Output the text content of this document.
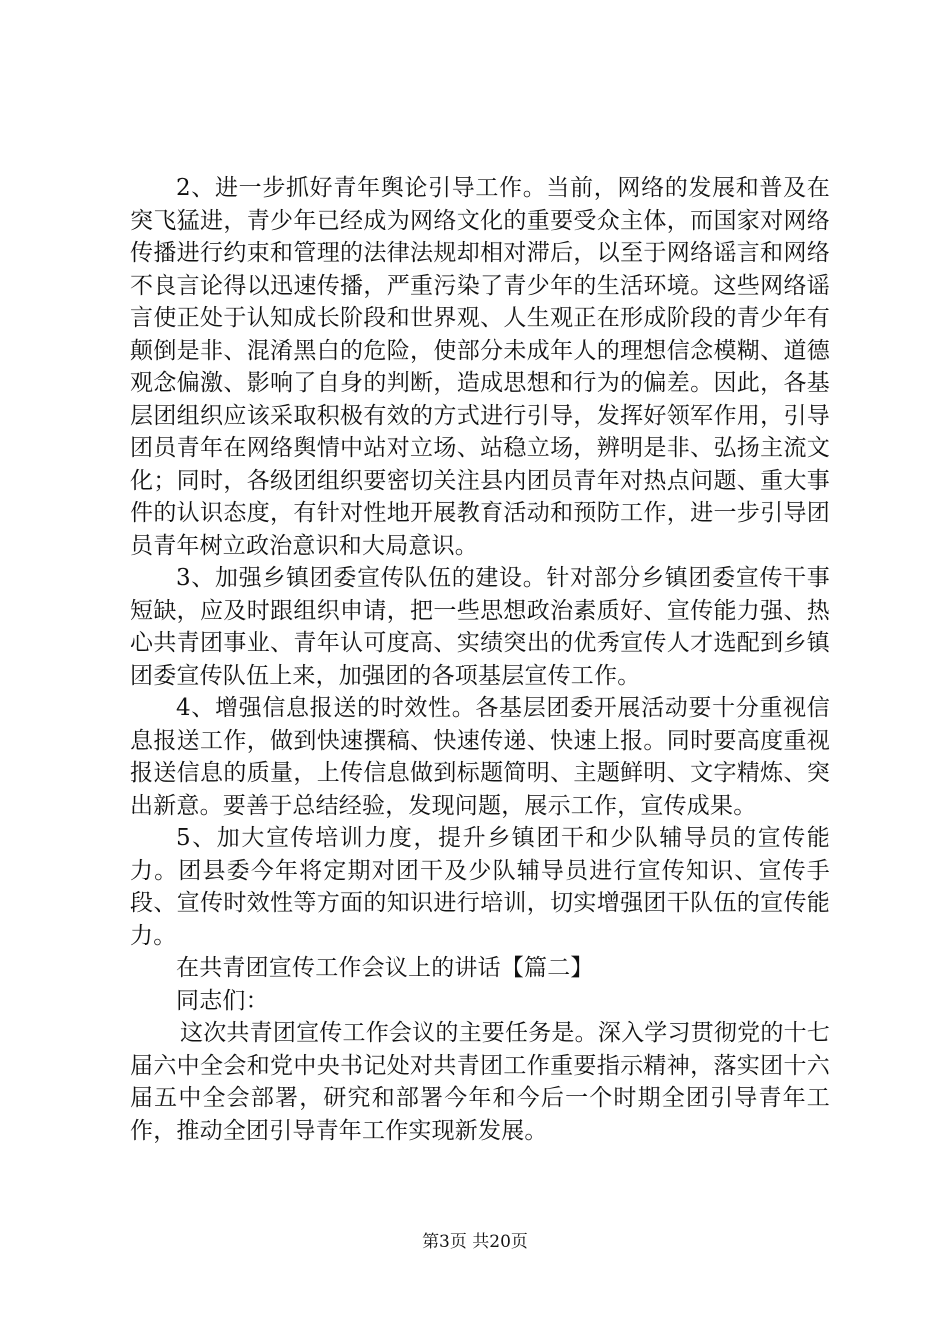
2、进一步抓好青年舆论引导工作。当前，网络的发展和普及在突飞猛进，青少年已经成为网络文化的重要受众主体，而国家对网络传播进行约束和管理的法律法规却相对滞后，以至于网络谣言和网络不良言论得以迅速传播，严重污染了青少年的生活环境。这些网络谣言使正处于认知成长阶段和世界观、人生观正在形成阶段的青少年有颠倒是非、混淆黑白的危险，使部分未成年人的理想信念模糊、道德观念偏激、影响了自身的判断，造成思想和行为的偏差。因此，各基层团组织应该采取积极有效的方式进行引导，发挥好领军作用，引导团员青年在网络舆情中站对立场、站稳立场，辨明是非、弘扬主流文化；同时，各级团组织要密切关注县内团员青年对热点问题、重大事件的认识态度，有针对性地开展教育活动和预防工作，进一步引导团员青年树立政治意识和大局意识。

3、加强乡镇团委宣传队伍的建设。针对部分乡镇团委宣传干事短缺，应及时跟组织申请，把一些思想政治素质好、宣传能力强、热心共青团事业、青年认可度高、实绩突出的优秀宣传人才选配到乡镇团委宣传队伍上来，加强团的各项基层宣传工作。

4、增强信息报送的时效性。各基层团委开展活动要十分重视信息报送工作，做到快速撰稿、快速传递、快速上报。同时要高度重视报送信息的质量，上传信息做到标题简明、主题鲜明、文字精炼、突出新意。要善于总结经验，发现问题，展示工作，宣传成果。

5、加大宣传培训力度，提升乡镇团干和少队辅导员的宣传能力。团县委今年将定期对团干及少队辅导员进行宣传知识、宣传手段、宣传时效性等方面的知识进行培训，切实增强团干队伍的宣传能力。

在共青团宣传工作会议上的讲话【篇二】

同志们：

这次共青团宣传工作会议的主要任务是。深入学习贯彻党的十七届六中全会和党中央书记处对共青团工作重要指示精神，落实团十六届五中全会部署，研究和部署今年和今后一个时期全团引导青年工作，推动全团引导青年工作实现新发展。

第3页 共20页
